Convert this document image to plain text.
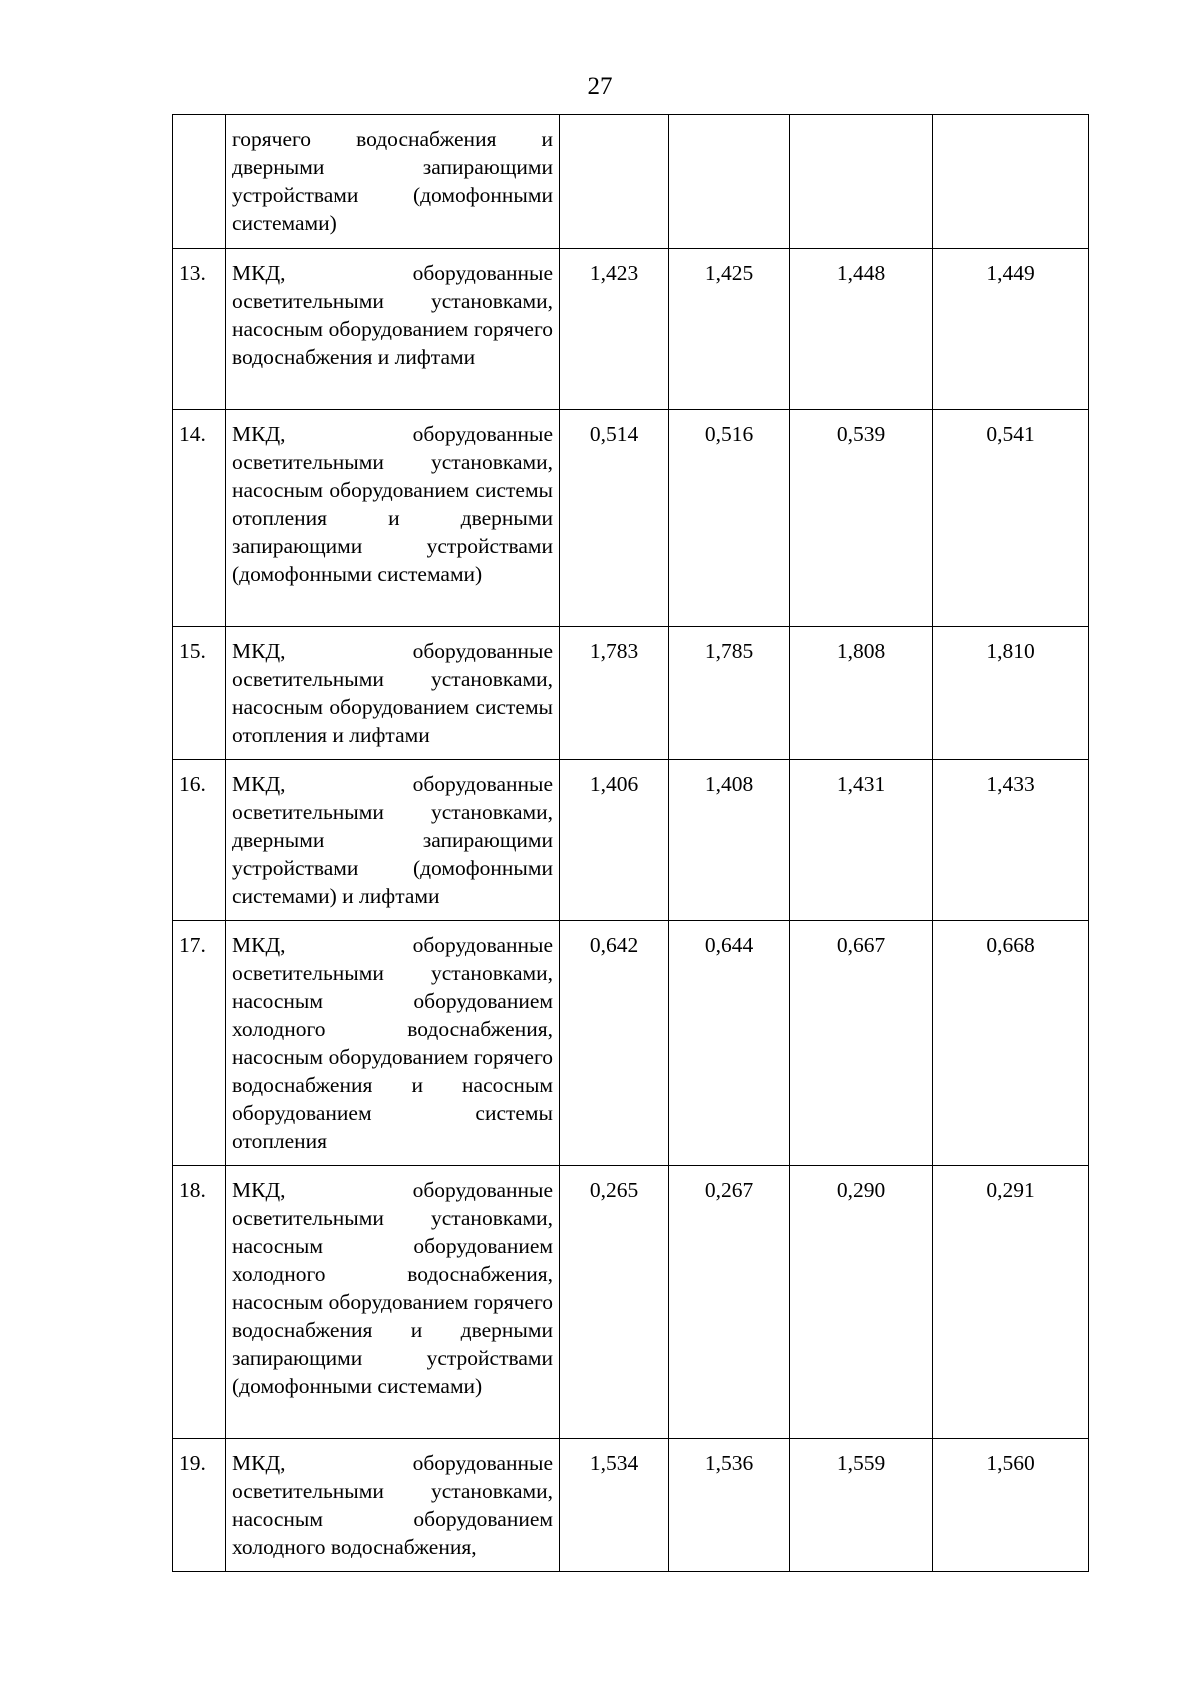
27

	горячего водоснабжения и дверными запирающими устройствами (домофонными системами)				

13.	МКД, оборудованные осветительными установками, насосным оборудованием горячего водоснабжения и лифтами	1,423	1,425	1,448	1,449
14.	МКД, оборудованные осветительными установками, насосным оборудованием системы отопления и дверными запирающими устройствами (домофонными системами)	0,514	0,516	0,539	0,541
15.	МКД, оборудованные осветительными установками, насосным оборудованием системы отопления и лифтами	1,783	1,785	1,808	1,810
16.	МКД, оборудованные осветительными установками, дверными запирающими устройствами (домофонными системами) и лифтами	1,406	1,408	1,431	1,433
17.	МКД, оборудованные осветительными установками, насосным оборудованием холодного водоснабжения, насосным оборудованием горячего водоснабжения и насосным оборудованием системы отопления	0,642	0,644	0,667	0,668
18.	МКД, оборудованные осветительными установками, насосным оборудованием холодного водоснабжения, насосным оборудованием горячего водоснабжения и дверными запирающими устройствами (домофонными системами)	0,265	0,267	0,290	0,291
19.	МКД, оборудованные осветительными установками, насосным оборудованием холодного водоснабжения,	1,534	1,536	1,559	1,560
